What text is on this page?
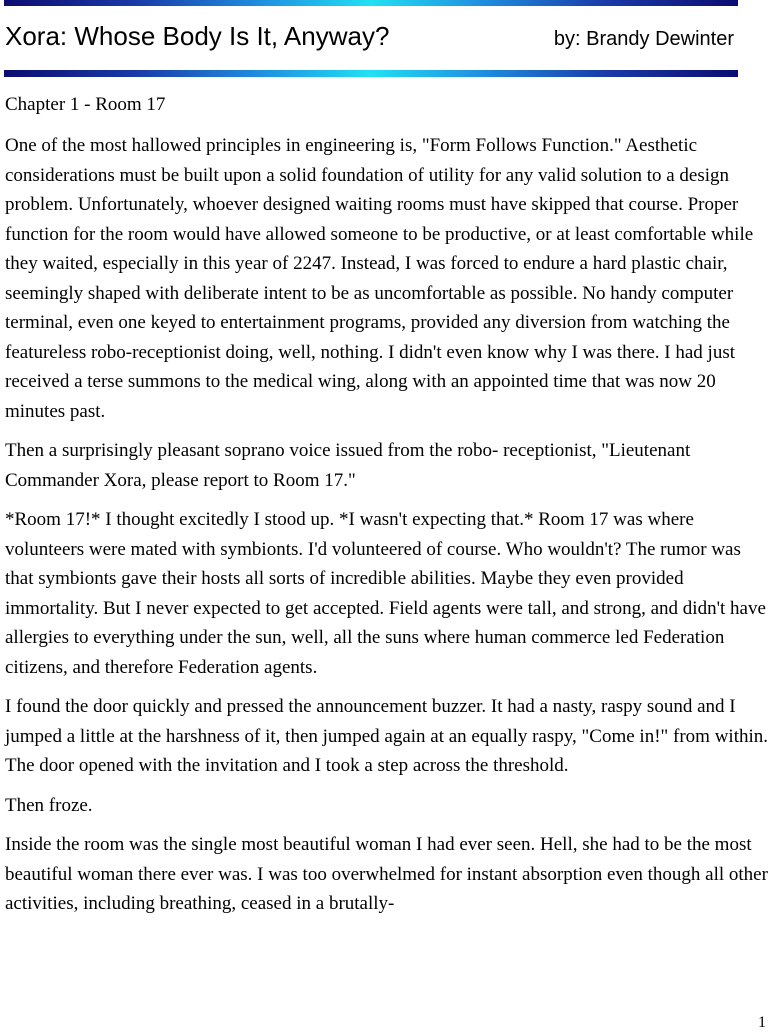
Xora: Whose Body Is It, Anyway?	by: Brandy Dewinter
Chapter 1 - Room 17

One of the most hallowed principles in engineering is, "Form Follows Function." Aesthetic considerations must be built upon a solid foundation of utility for any valid solution to a design problem. Unfortunately, whoever designed waiting rooms must have skipped that course. Proper function for the room would have allowed someone to be productive, or at least comfortable while they waited, especially in this year of 2247. Instead, I was forced to endure a hard plastic chair, seemingly shaped with deliberate intent to be as uncomfortable as possible. No handy computer terminal, even one keyed to entertainment programs, provided any diversion from watching the featureless robo-receptionist doing, well, nothing. I didn't even know why I was there. I had just received a terse summons to the medical wing, along with an appointed time that was now 20 minutes past.

Then a surprisingly pleasant soprano voice issued from the robo- receptionist, "Lieutenant Commander Xora, please report to Room 17."

*Room 17!* I thought excitedly I stood up. *I wasn't expecting that.* Room 17 was where volunteers were mated with symbionts. I'd volunteered of course. Who wouldn't? The rumor was that symbionts gave their hosts all sorts of incredible abilities. Maybe they even provided immortality. But I never expected to get accepted. Field agents were tall, and strong, and didn't have allergies to everything under the sun, well, all the suns where human commerce led Federation citizens, and therefore Federation agents.

I found the door quickly and pressed the announcement buzzer. It had a nasty, raspy sound and I jumped a little at the harshness of it, then jumped again at an equally raspy, "Come in!" from within. The door opened with the invitation and I took a step across the threshold.

Then froze.

Inside the room was the single most beautiful woman I had ever seen. Hell, she had to be the most beautiful woman there ever was. I was too overwhelmed for instant absorption even though all other activities, including breathing, ceased in a brutally-

1
